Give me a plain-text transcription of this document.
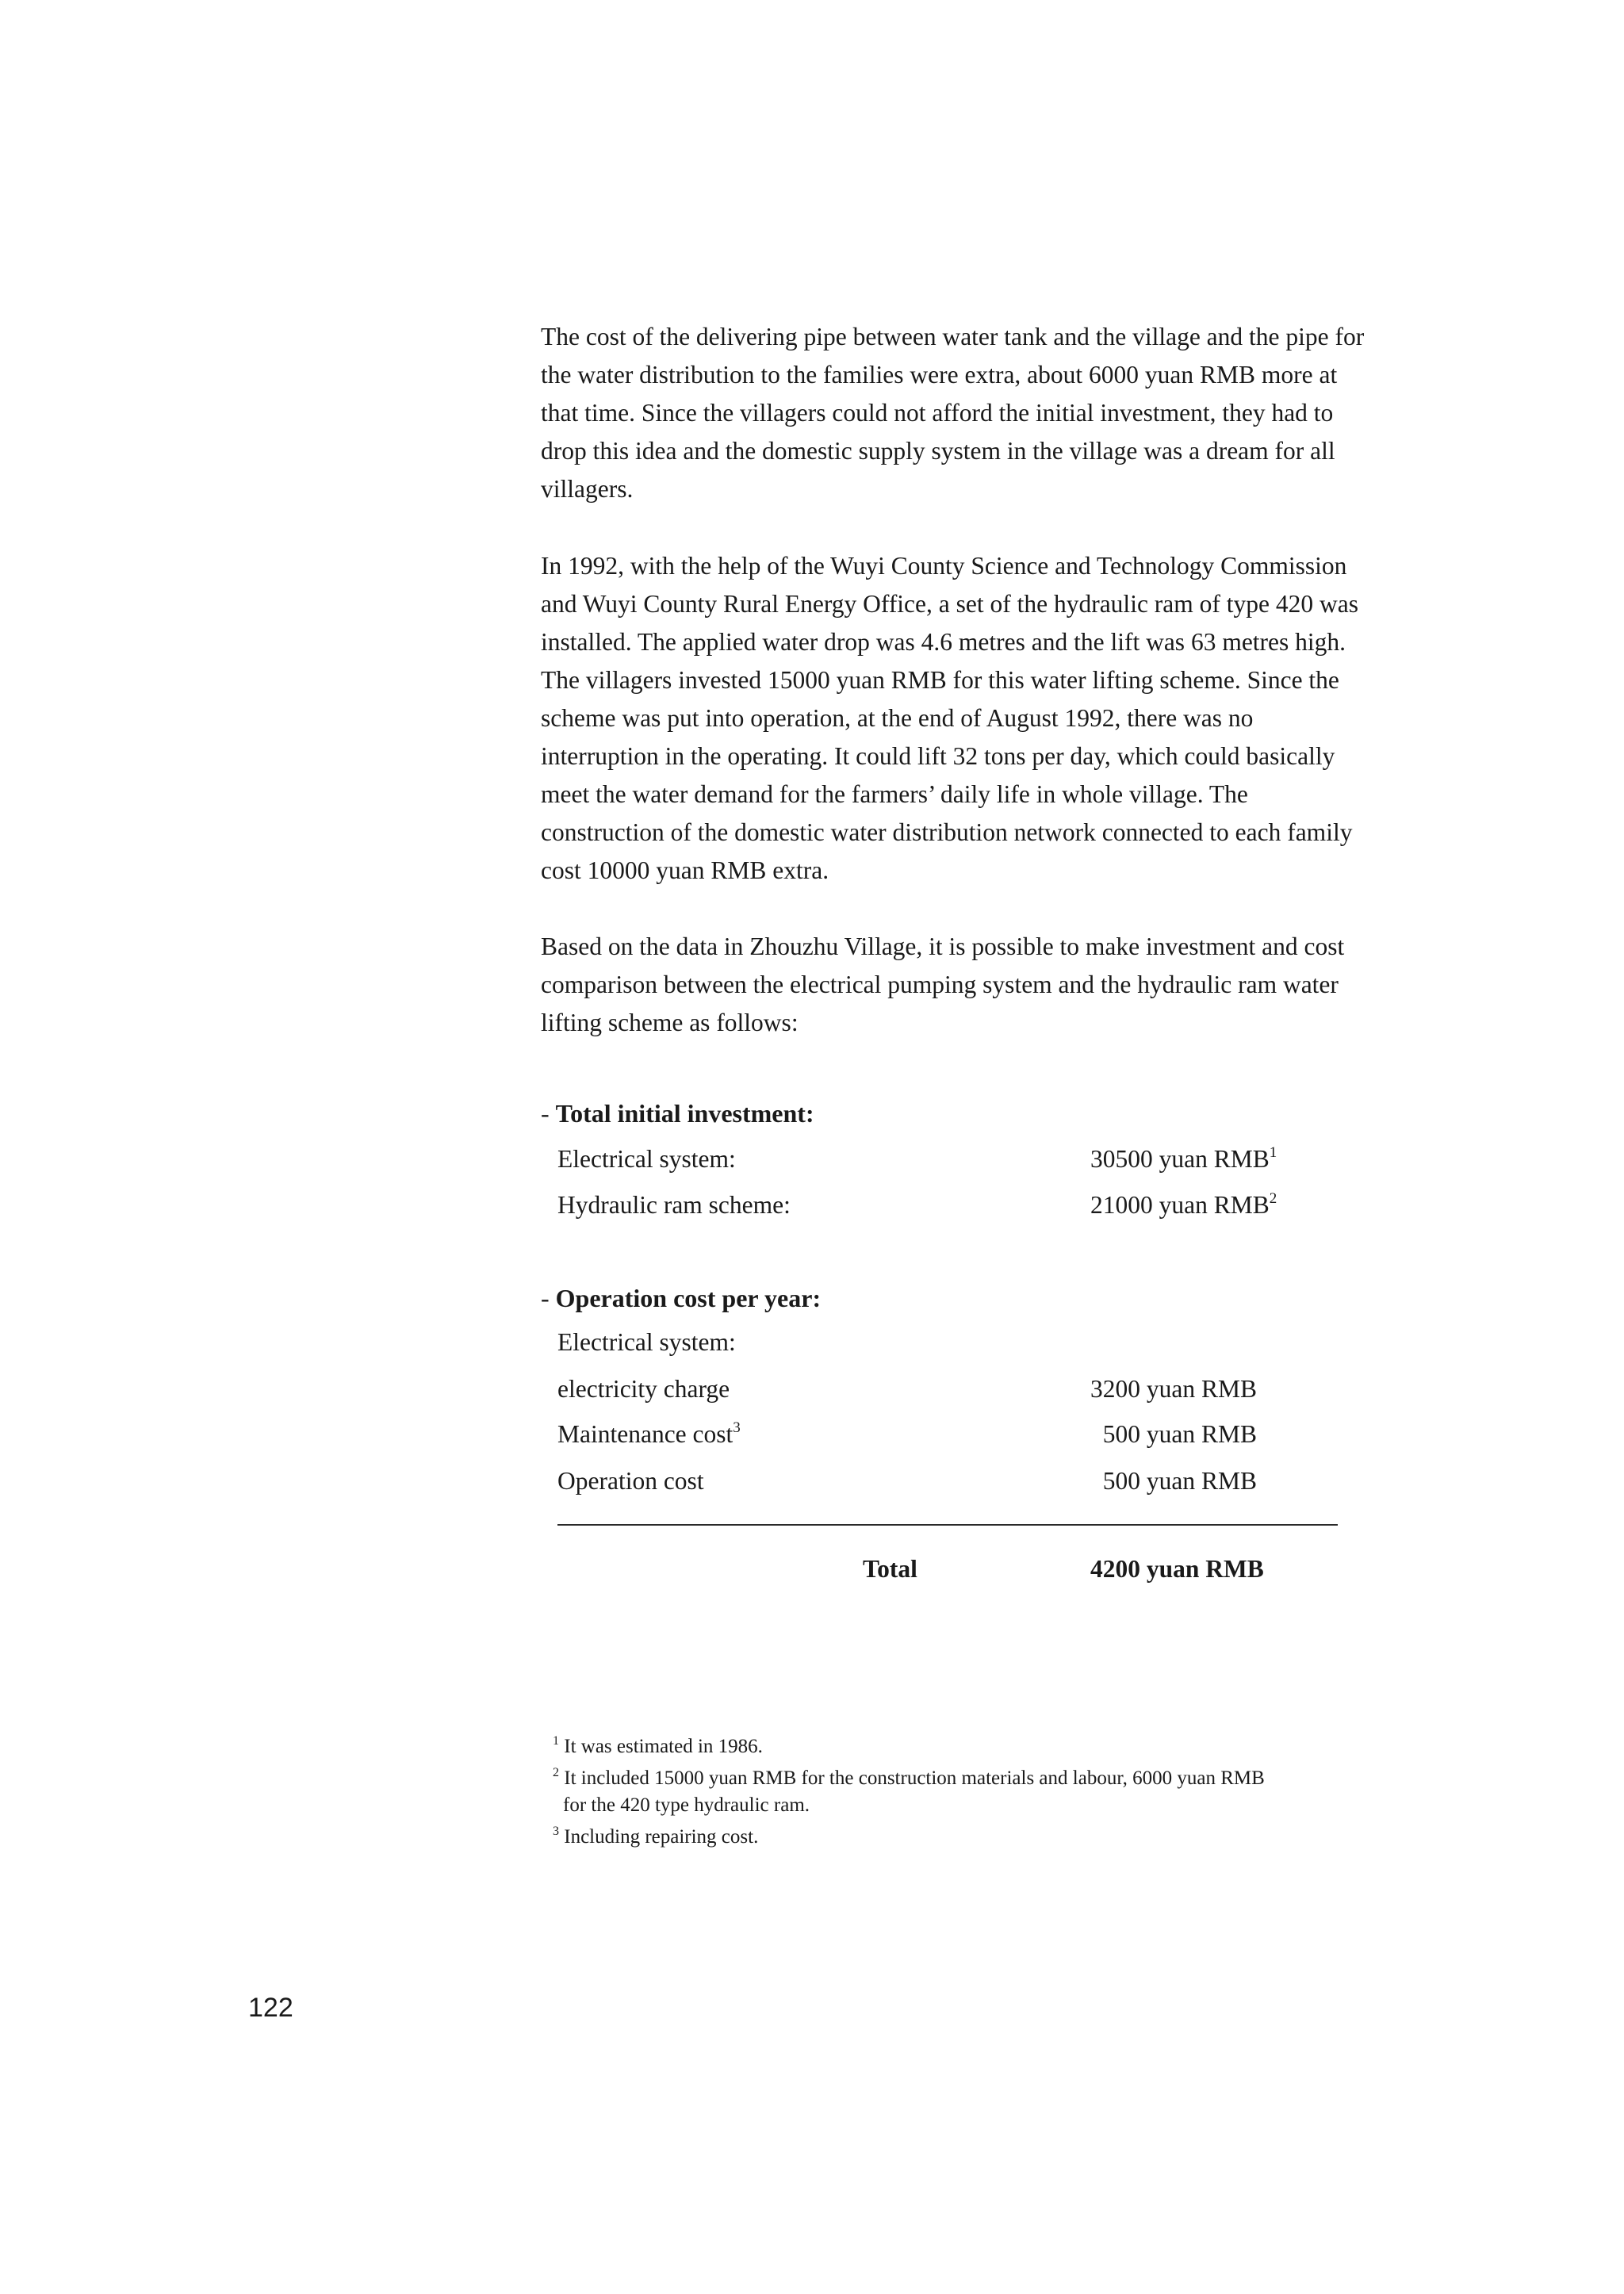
The cost of the delivering pipe between water tank and the village and the pipe for the water distribution to the families were extra, about 6000 yuan RMB more at that time. Since the villagers could not afford the initial investment, they had to drop this idea and the domestic supply system in the village was a dream for all villagers.

In 1992, with the help of the Wuyi County Science and Technology Commission and Wuyi County Rural Energy Office, a set of the hydraulic ram of type 420 was installed. The applied water drop was 4.6 metres and the lift was 63 metres high. The villagers invested 15000 yuan RMB for this water lifting scheme. Since the scheme was put into operation, at the end of August 1992, there was no interruption in the operating. It could lift 32 tons per day, which could basically meet the water demand for the farmers’ daily life in whole village. The construction of the domestic water distribution network connected to each family cost 10000 yuan RMB extra.

Based on the data in Zhouzhu Village, it is possible to make investment and cost comparison between the electrical pumping system and the hydraulic ram water lifting scheme as follows:

- Total initial investment:

Electrical system:	30500 yuan RMB$^1$
Hydraulic ram scheme:	21000 yuan RMB$^2$

- Operation cost per year:

Electrical system:
electricity charge	3200 yuan RMB
Maintenance cost$^3$	500 yuan RMB
Operation cost	500 yuan RMB
Total	4200 yuan RMB

$^1$ It was estimated in 1986.

$^2$ It included 15000 yuan RMB for the construction materials and labour, 6000 yuan RMB
for the 420 type hydraulic ram.

$^3$ Including repairing cost.

122
